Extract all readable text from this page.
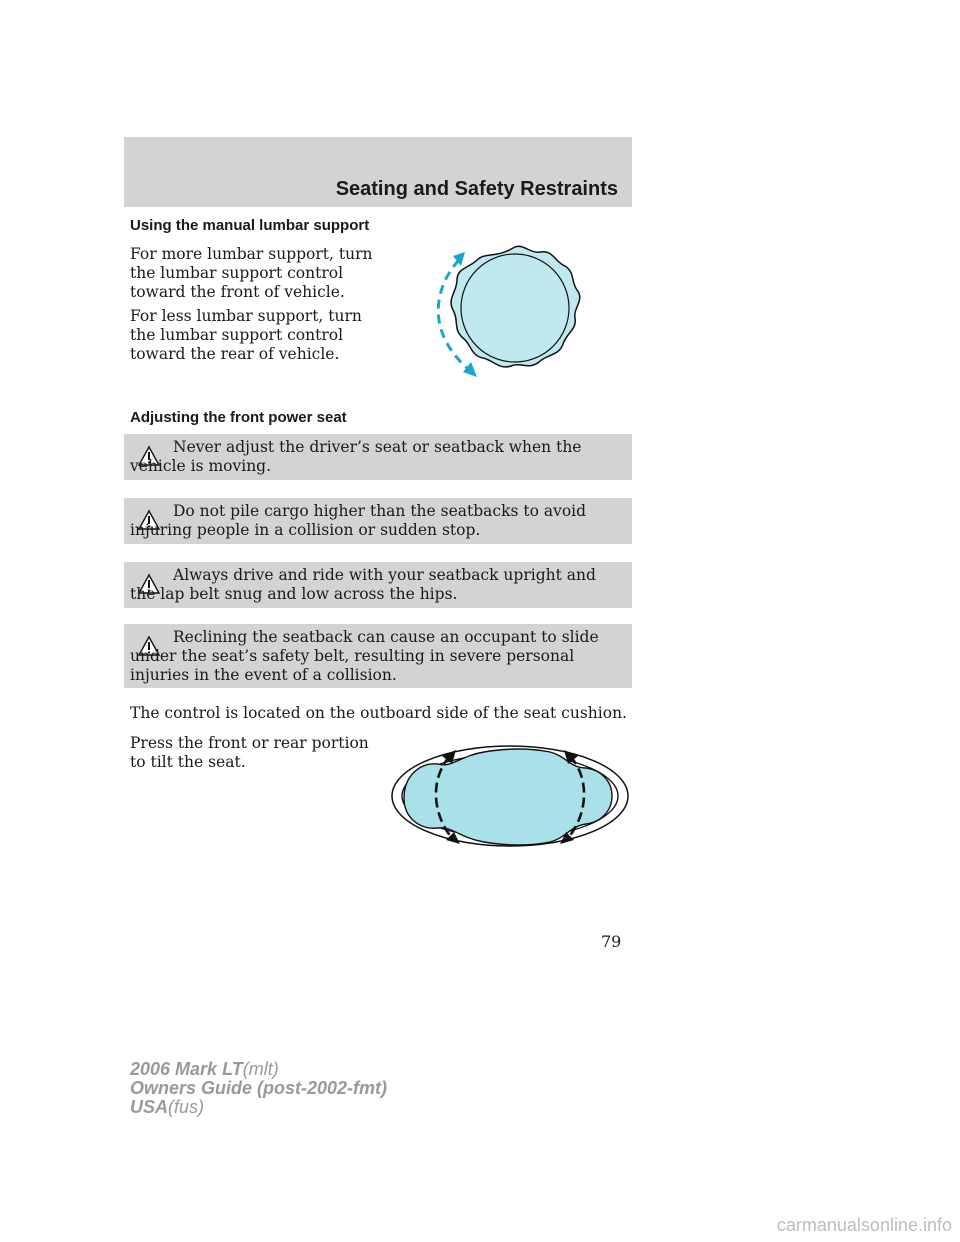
Seating and Safety Restraints
Using the manual lumbar support
For more lumbar support, turn the lumbar support control toward the front of vehicle.
For less lumbar support, turn the lumbar support control toward the rear of vehicle.
Adjusting the front power seat
Never adjust the driver’s seat or seatback when the vehicle is moving.
Do not pile cargo higher than the seatbacks to avoid injuring people in a collision or sudden stop.
Always drive and ride with your seatback upright and the lap belt snug and low across the hips.
Reclining the seatback can cause an occupant to slide under the seat’s safety belt, resulting in severe personal injuries in the event of a collision.
The control is located on the outboard side of the seat cushion.
Press the front or rear portion to tilt the seat.
79
2006 Mark LT(mlt)
Owners Guide (post-2002-fmt)
USA(fus)
carmanualsonline.info
